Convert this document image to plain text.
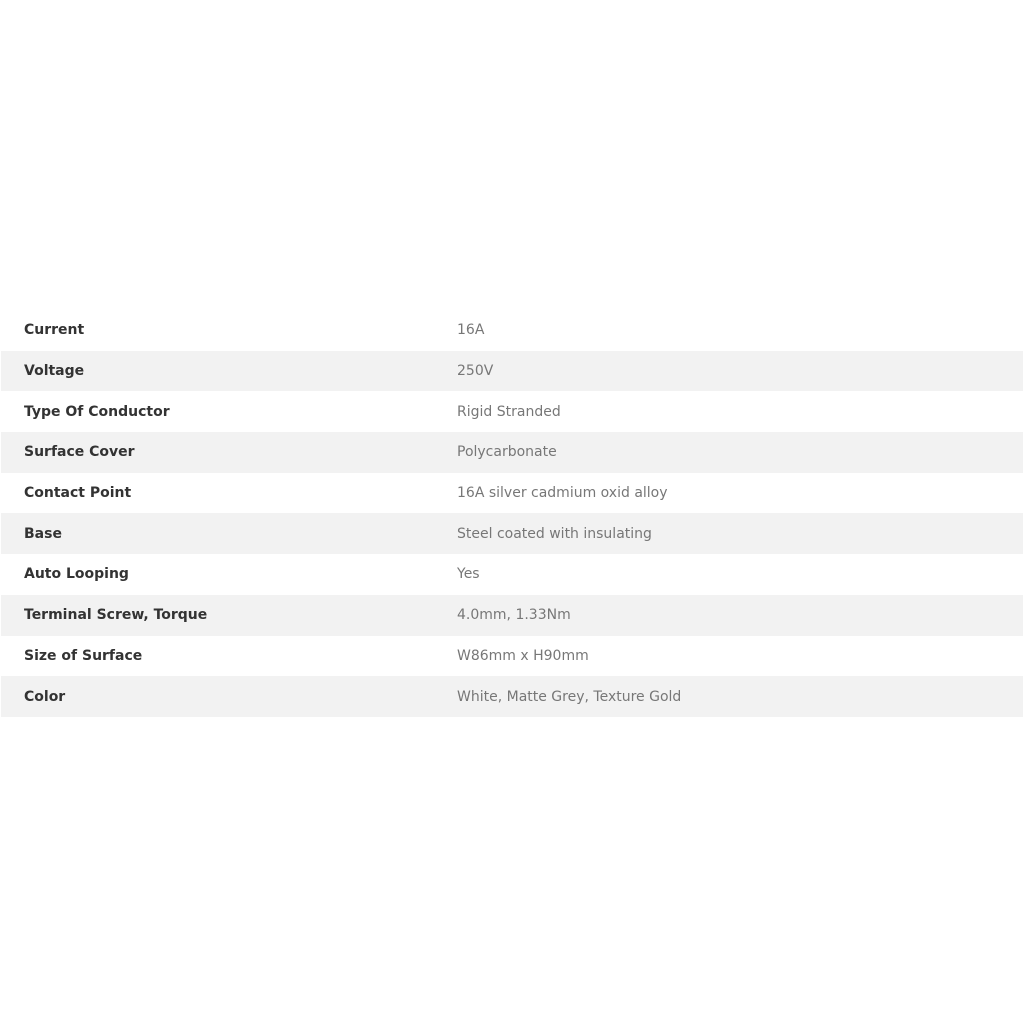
Current	16A
Voltage	250V
Type Of Conductor	Rigid Stranded
Surface Cover	Polycarbonate
Contact Point	16A silver cadmium oxid alloy
Base	Steel coated with insulating
Auto Looping	Yes
Terminal Screw, Torque	4.0mm, 1.33Nm
Size of Surface	W86mm x H90mm
Color	White, Matte Grey, Texture Gold
